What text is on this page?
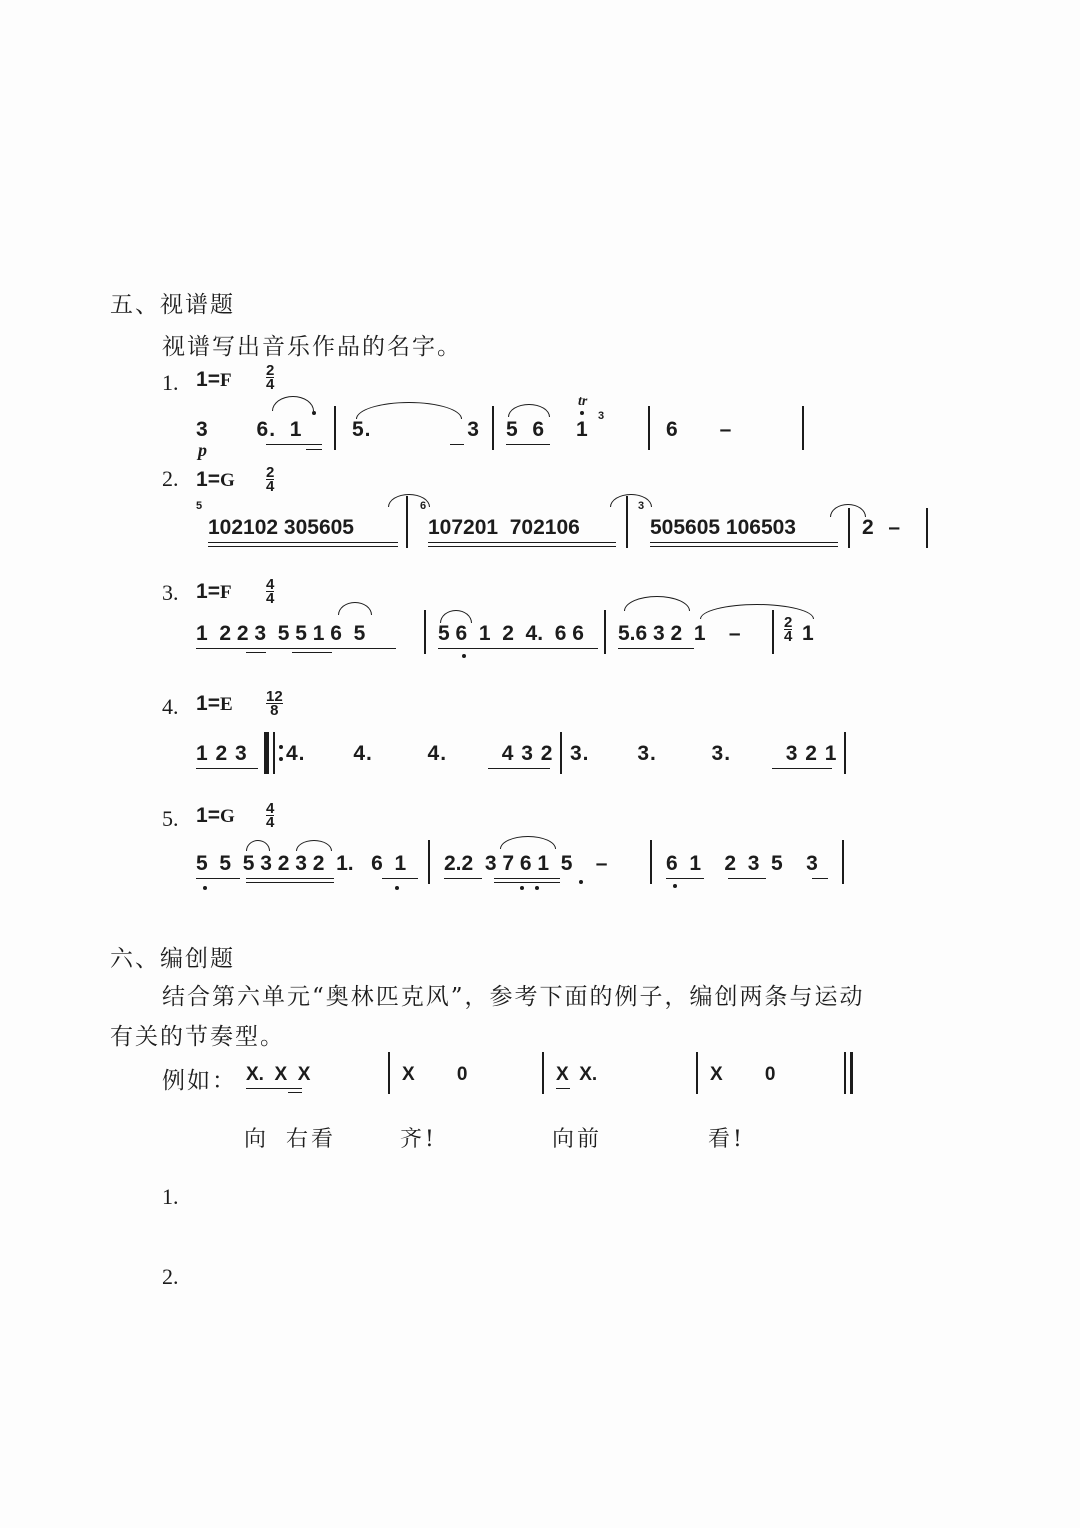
五、视谱题
视谱写出音乐作品的名字。
1. 1=F 2
4
3       6.  1
p
5.              3 5  6 1
tr
3
6      –
2. 1=G 2
4
5
102102 305605
6
107201  702106
3
505605 106503	2  –
3. 1=F 4
4
1  2 2 3  5 5 1 6  5	5 6  1  2  4.  6 6 5.6 3 2  1    –	2
4 1
4. 1=E 12
8
1 2 3 4.       4.        4.        4 3 2 3.       3.        3.        3 2 1
5. 1=G 4
4
5  5  5 3 2 3 2  1.   6  1 2.2  3 7 6 1  5    –	6  1    2  3  5    3
六、编创题
结合第六单元“奥林匹克风”，参考下面的例子，编创两条与运动
有关的节奏型。
例如： X.  X  X	X        0	X  X.	X        0
向 右看	齐!	向前	看!
1.
2.
